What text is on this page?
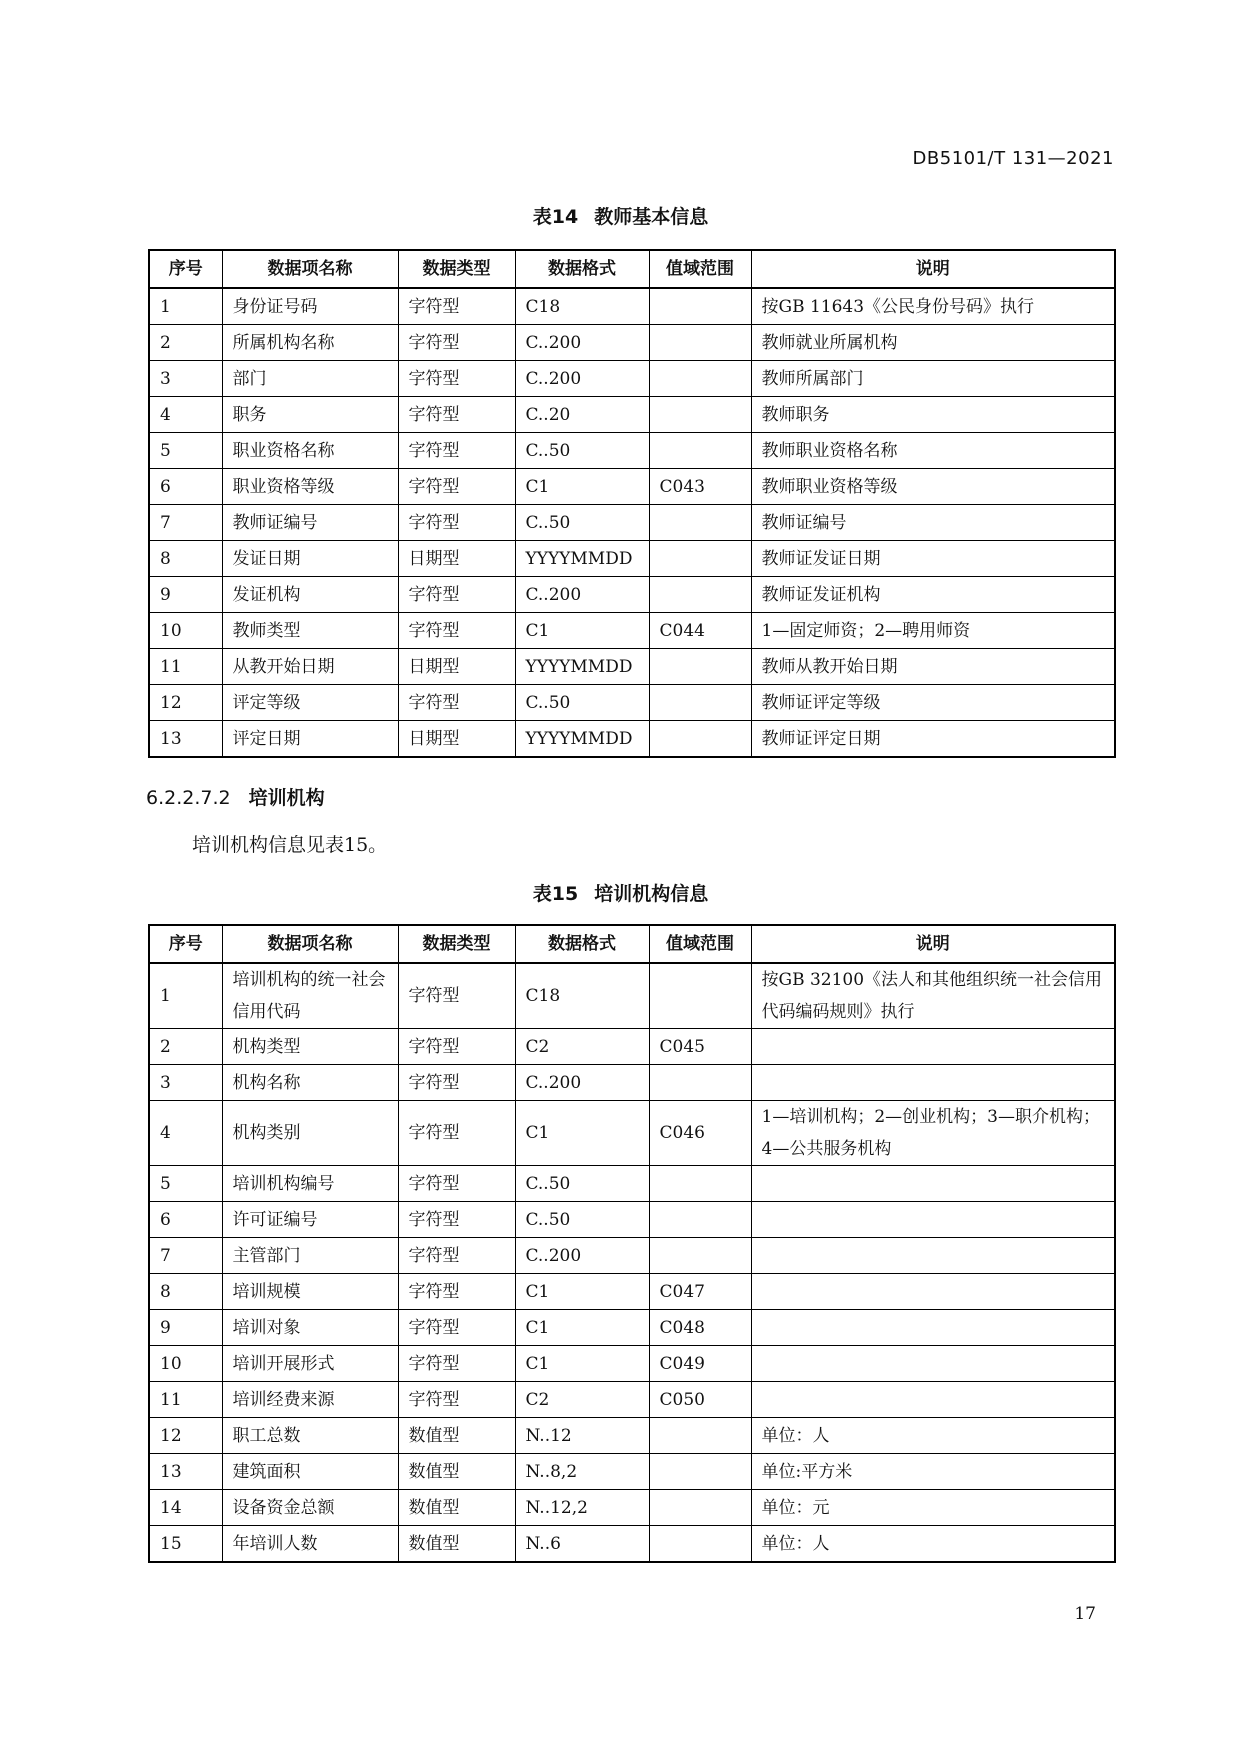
DB5101/T 131—2021
表14 教师基本信息
序号	数据项名称	数据类型	数据格式	值域范围	说明
1	身份证号码	字符型	C18		按GB 11643《公民身份号码》执行
2	所属机构名称	字符型	C..200		教师就业所属机构
3	部门	字符型	C..200		教师所属部门
4	职务	字符型	C..20		教师职务
5	职业资格名称	字符型	C..50		教师职业资格名称
6	职业资格等级	字符型	C1	C043	教师职业资格等级
7	教师证编号	字符型	C..50		教师证编号
8	发证日期	日期型	YYYYMMDD		教师证发证日期
9	发证机构	字符型	C..200		教师证发证机构
10	教师类型	字符型	C1	C044	1—固定师资；2—聘用师资
11	从教开始日期	日期型	YYYYMMDD		教师从教开始日期
12	评定等级	字符型	C..50		教师证评定等级
13	评定日期	日期型	YYYYMMDD		教师证评定日期
6.2.2.7.2 培训机构
培训机构信息见表15。
表15 培训机构信息
序号	数据项名称	数据类型	数据格式	值域范围	说明
1	培训机构的统一社会信用代码	字符型	C18		按GB 32100《法人和其他组织统一社会信用代码编码规则》执行
2	机构类型	字符型	C2	C045	
3	机构名称	字符型	C..200		
4	机构类别	字符型	C1	C046	1—培训机构；2—创业机构；3—职介机构；4—公共服务机构
5	培训机构编号	字符型	C..50		
6	许可证编号	字符型	C..50		
7	主管部门	字符型	C..200		
8	培训规模	字符型	C1	C047	
9	培训对象	字符型	C1	C048	
10	培训开展形式	字符型	C1	C049	
11	培训经费来源	字符型	C2	C050	
12	职工总数	数值型	N..12		单位：人
13	建筑面积	数值型	N..8,2		单位:平方米
14	设备资金总额	数值型	N..12,2		单位：元
15	年培训人数	数值型	N..6		单位：人
17
